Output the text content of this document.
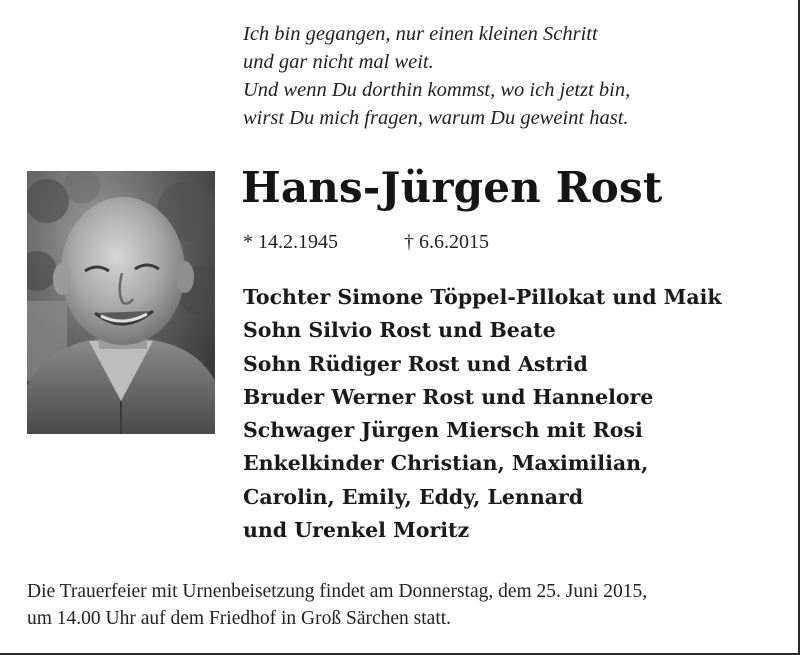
Ich bin gegangen, nur einen kleinen Schritt
und gar nicht mal weit.
Und wenn Du dorthin kommst, wo ich jetzt bin,
wirst Du mich fragen, warum Du geweint hast.
Hans-Jürgen Rost
* 14.2.1945	† 6.6.2015
Tochter Simone Töppel-Pillokat und Maik
Sohn Silvio Rost und Beate
Sohn Rüdiger Rost und Astrid
Bruder Werner Rost und Hannelore
Schwager Jürgen Miersch mit Rosi
Enkelkinder Christian, Maximilian,
Carolin, Emily, Eddy, Lennard
und Urenkel Moritz
Die Trauerfeier mit Urnenbeisetzung findet am Donnerstag, dem 25. Juni 2015,
um 14.00 Uhr auf dem Friedhof in Groß Särchen statt.
